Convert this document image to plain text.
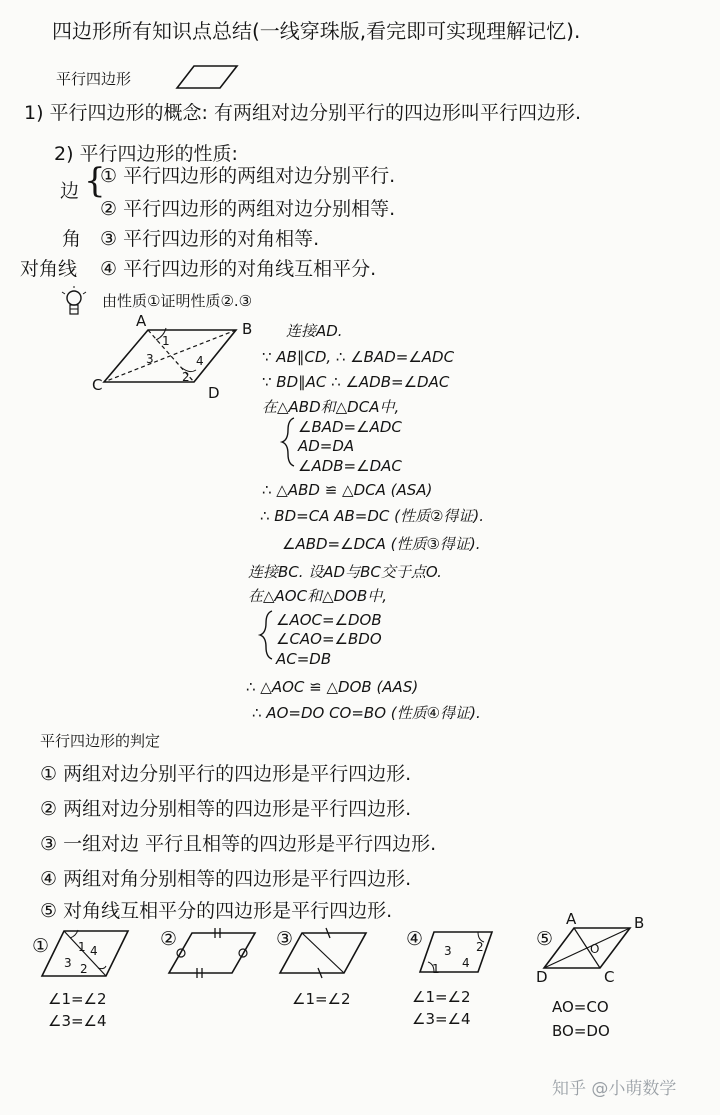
四边形所有知识点总结(一线穿珠版,看完即可实现理解记忆).
平行四边形
1) 平行四边形的概念: 有两组对边分别平行的四边形叫平行四边形.
2) 平行四边形的性质:
边 {
① 平行四边形的两组对边分别平行.
② 平行四边形的两组对边分别相等.
角 ③ 平行四边形的对角相等.
对角线 ④ 平行四边形的对角线互相平分.
由性质①证明性质②.③
A	B
C	D
1
3	4
2
连接AD.
∵ AB∥CD, ∴ ∠BAD=∠ADC
∵ BD∥AC ∴ ∠ADB=∠DAC
在△ABD和△DCA中,
∠BAD=∠ADC
AD=DA
∠ADB=∠DAC
∴ △ABD ≌ △DCA (ASA)
∴ BD=CA AB=DC (性质②得证).
∠ABD=∠DCA (性质③得证).
连接BC. 设AD与BC交于点O.
在△AOC和△DOB中,
∠AOC=∠DOB
∠CAO=∠BDO
AC=DB
∴ △AOC ≌ △DOB (AAS)
∴ AO=DO CO=BO (性质④得证).
平行四边形的判定
① 两组对边分别平行的四边形是平行四边形.
② 两组对边分别相等的四边形是平行四边形.
③ 一组对边 平行且相等的四边形是平行四边形.
④ 两组对角分别相等的四边形是平行四边形.
⑤ 对角线互相平分的四边形是平行四边形.
①	②	③	④	⑤
1 4
3 2
∠1=∠2
∠3=∠4
∠1=∠2
3 2
1 4
∠1=∠2
∠3=∠4
A	B
D	C
O
AO=CO
BO=DO
知乎 @小萌数学
